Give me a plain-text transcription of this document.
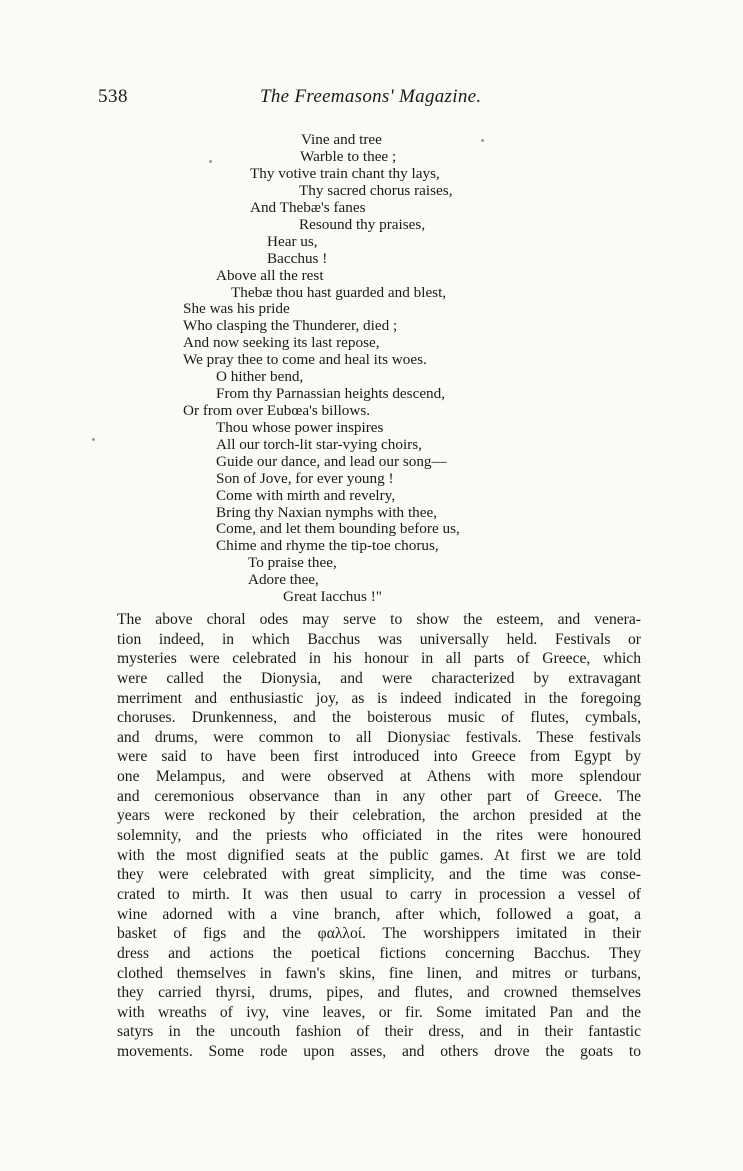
538	The Freemasons' Magazine.
Vine and tree
Warble to thee ;
Thy votive train chant thy lays,
Thy sacred chorus raises,
And Thebæ's fanes
Resound thy praises,
Hear us,
Bacchus !
Above all the rest
Thebæ thou hast guarded and blest,
She was his pride
Who clasping the Thunderer, died ;
And now seeking its last repose,
We pray thee to come and heal its woes.
O hither bend,
From thy Parnassian heights descend,
Or from over Eubœa's billows.
Thou whose power inspires
All our torch-lit star-vying choirs,
Guide our dance, and lead our song—
Son of Jove, for ever young !
Come with mirth and revelry,
Bring thy Naxian nymphs with thee,
Come, and let them bounding before us,
Chime and rhyme the tip-toe chorus,
To praise thee,
Adore thee,
Great Iacchus !"
The above choral odes may serve to show the esteem, and venera-
tion indeed, in which Bacchus was universally held. Festivals or
mysteries were celebrated in his honour in all parts of Greece, which
were called the Dionysia, and were characterized by extravagant
merriment and enthusiastic joy, as is indeed indicated in the foregoing
choruses. Drunkenness, and the boisterous music of flutes, cymbals,
and drums, were common to all Dionysiac festivals. These festivals
were said to have been first introduced into Greece from Egypt by
one Melampus, and were observed at Athens with more splendour
and ceremonious observance than in any other part of Greece. The
years were reckoned by their celebration, the archon presided at the
solemnity, and the priests who officiated in the rites were honoured
with the most dignified seats at the public games. At first we are told
they were celebrated with great simplicity, and the time was conse-
crated to mirth. It was then usual to carry in procession a vessel of
wine adorned with a vine branch, after which, followed a goat, a
basket of figs and the φαλλοί. The worshippers imitated in their
dress and actions the poetical fictions concerning Bacchus. They
clothed themselves in fawn's skins, fine linen, and mitres or turbans,
they carried thyrsi, drums, pipes, and flutes, and crowned themselves
with wreaths of ivy, vine leaves, or fir. Some imitated Pan and the
satyrs in the uncouth fashion of their dress, and in their fantastic
movements. Some rode upon asses, and others drove the goats to
